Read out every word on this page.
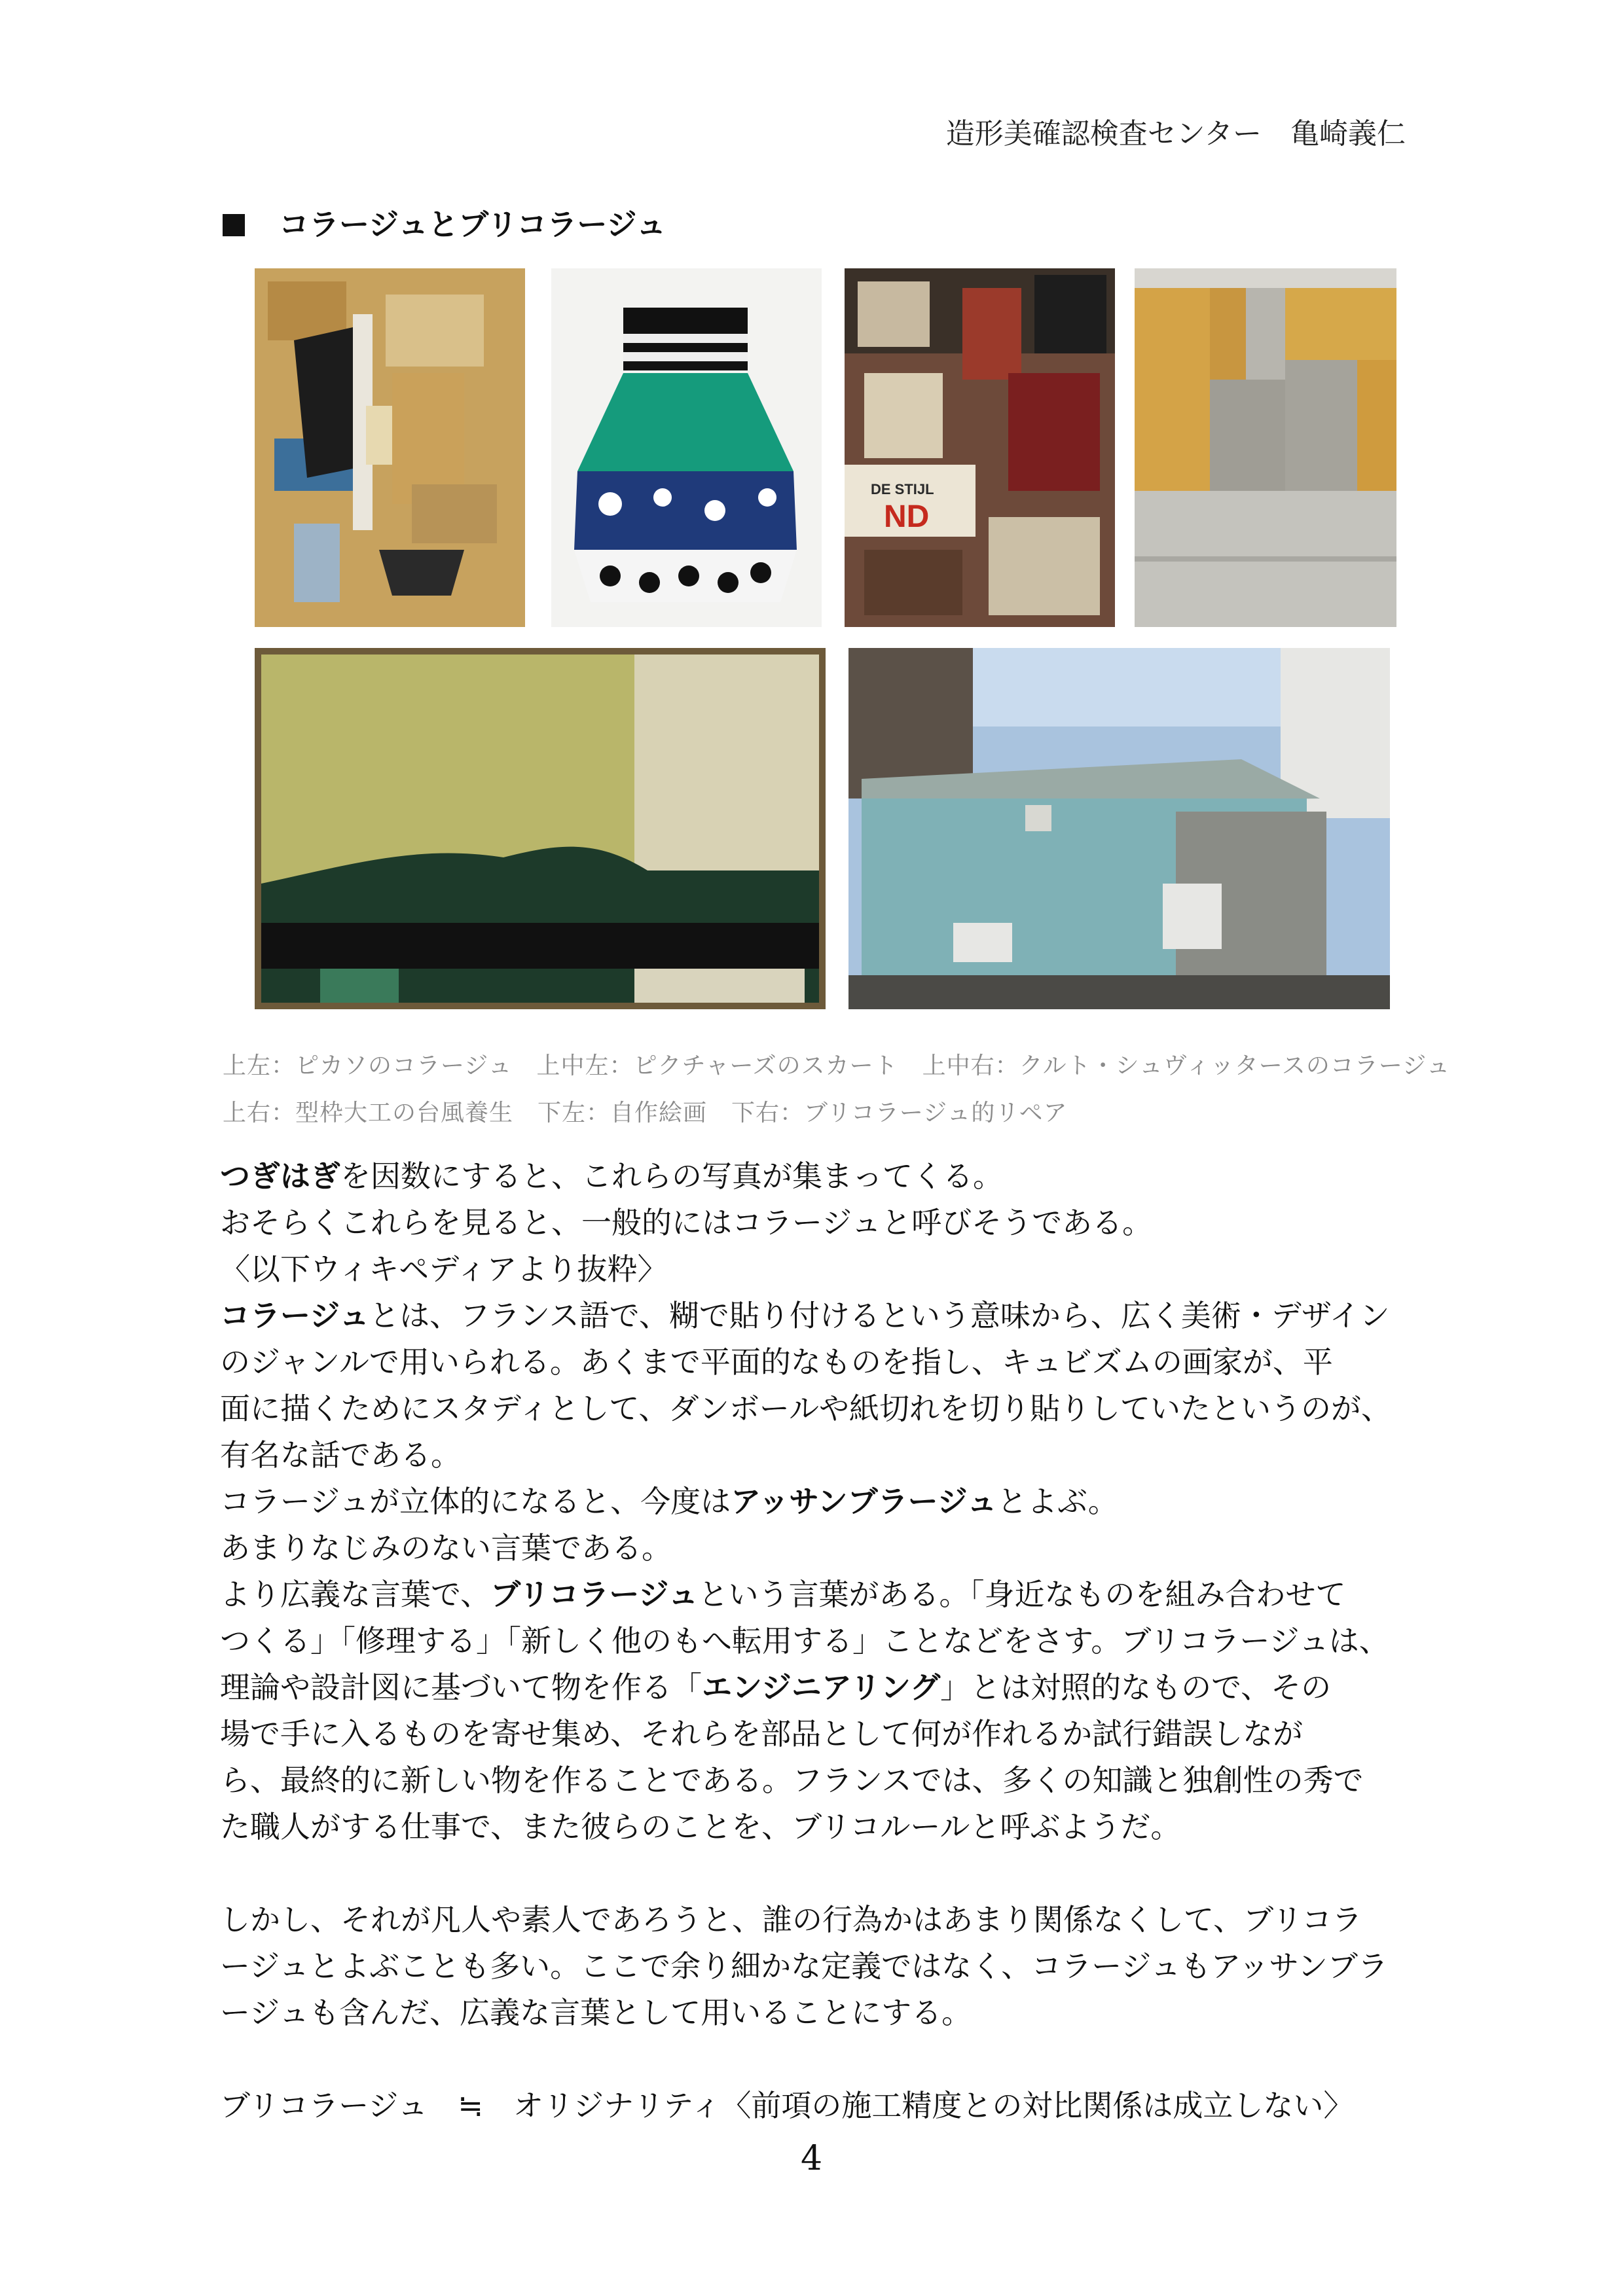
造形美確認検査センター　亀崎義仁
コラージュとブリコラージュ
DE STIJL
ND
上左：ピカソのコラージュ　上中左：ピクチャーズのスカート　上中右：クルト・シュヴィッタースのコラージュ
上右：型枠大工の台風養生　下左：自作絵画　下右：ブリコラージュ的リペア

つぎはぎを因数にすると、これらの写真が集まってくる。

おそらくこれらを見ると、一般的にはコラージュと呼びそうである。

〈以下ウィキペディアより抜粋〉

コラージュとは、フランス語で、糊で貼り付けるという意味から、広く美術・デザイン

のジャンルで用いられる。あくまで平面的なものを指し、キュビズムの画家が、平

面に描くためにスタディとして、ダンボールや紙切れを切り貼りしていたというのが、

有名な話である。

コラージュが立体的になると、今度はアッサンブラージュとよぶ。

あまりなじみのない言葉である。

より広義な言葉で、ブリコラージュという言葉がある。「身近なものを組み合わせて

つくる」「修理する」「新しく他のもへ転用する」ことなどをさす。ブリコラージュは、

理論や設計図に基づいて物を作る「エンジニアリング」とは対照的なもので、その

場で手に入るものを寄せ集め、それらを部品として何が作れるか試行錯誤しなが

ら、最終的に新しい物を作ることである。フランスでは、多くの知識と独創性の秀で

た職人がする仕事で、また彼らのことを、ブリコルールと呼ぶようだ。

しかし、それが凡人や素人であろうと、誰の行為かはあまり関係なくして、ブリコラ

ージュとよぶことも多い。ここで余り細かな定義ではなく、コラージュもアッサンブラ

ージュも含んだ、広義な言葉として用いることにする。

ブリコラージュ　≒　オリジナリティ〈前項の施工精度との対比関係は成立しない〉

4
